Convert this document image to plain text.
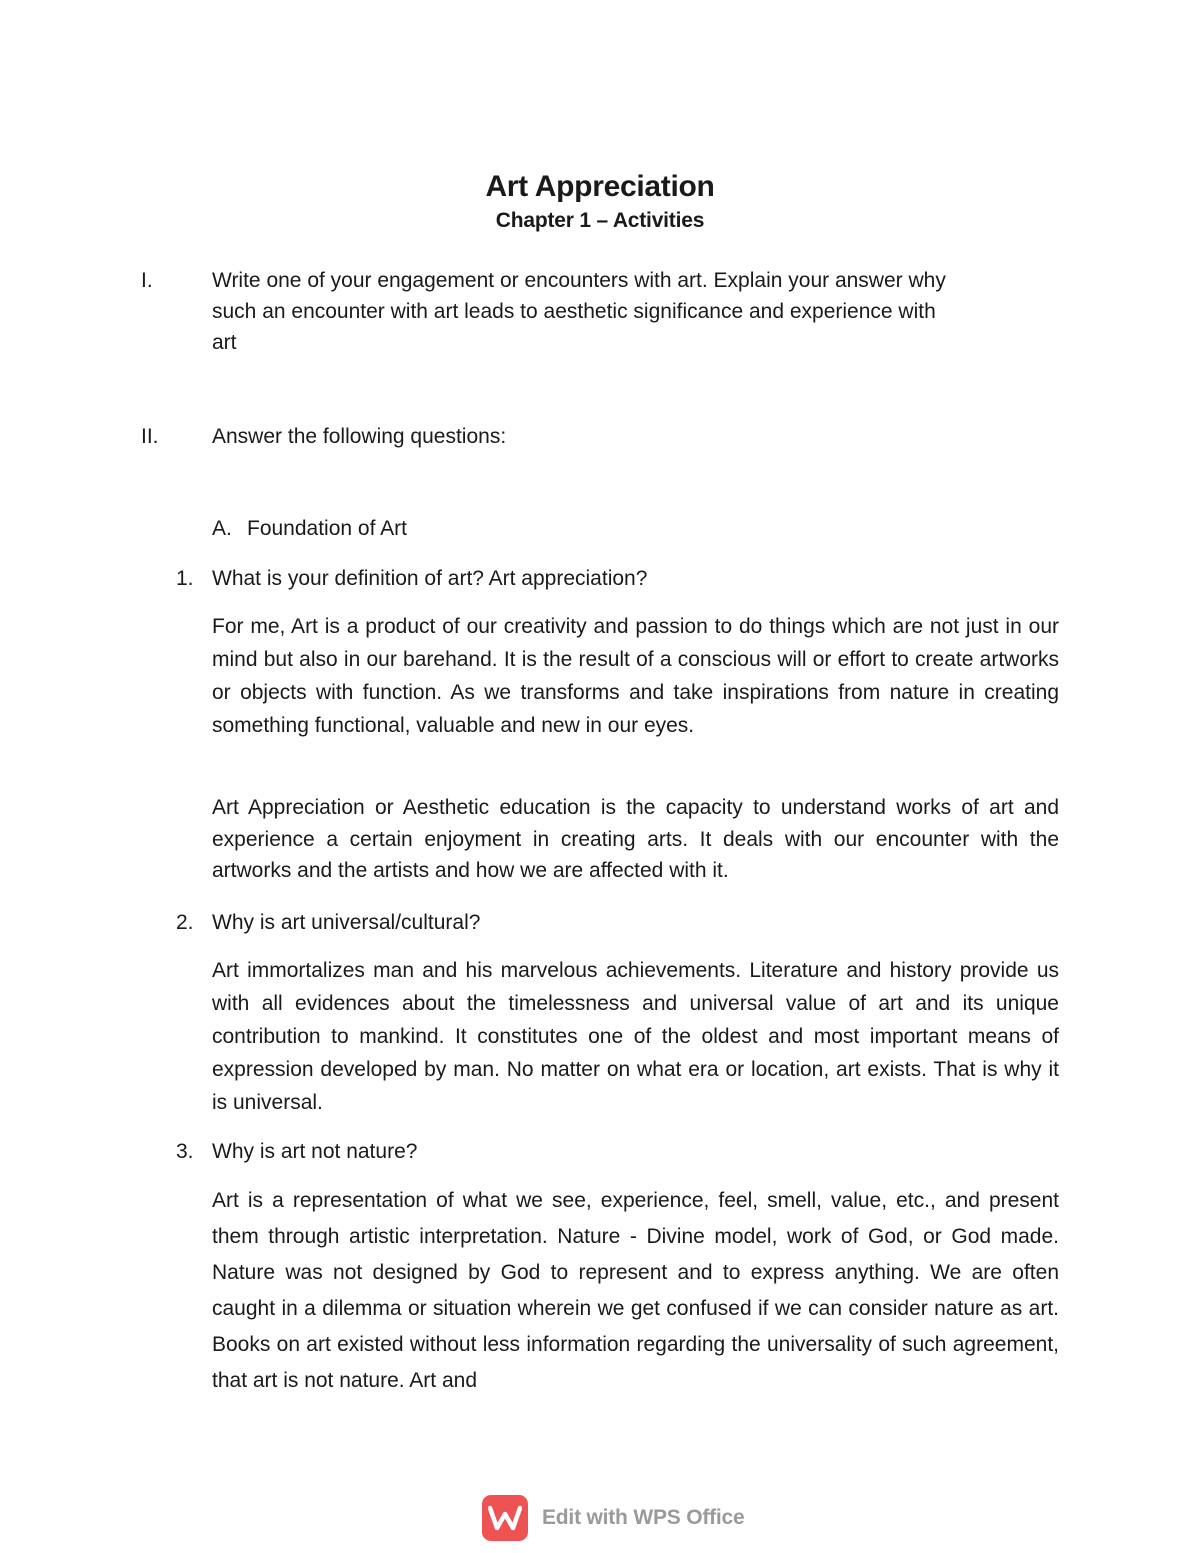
Art Appreciation
Chapter 1 – Activities
I.	Write one of your engagement or encounters with art. Explain your answer why
such an encounter with art leads to aesthetic significance and experience with
art
II.	Answer the following questions:
A. Foundation of Art
1. What is your definition of art? Art appreciation?
For me, Art is a product of our creativity and passion to do things which are not just in our mind but also in our barehand. It is the result of a conscious will or effort to create artworks or objects with function. As we transforms and take inspirations from nature in creating something functional, valuable and new in our eyes.
Art Appreciation or Aesthetic education is the capacity to understand works of art and experience a certain enjoyment in creating arts. It deals with our encounter with the artworks and the artists and how we are affected with it.
2. Why is art universal/cultural?
Art immortalizes man and his marvelous achievements. Literature and history provide us with all evidences about the timelessness and universal value of art and its unique contribution to mankind. It constitutes one of the oldest and most important means of expression developed by man. No matter on what era or location, art exists. That is why it is universal.
3. Why is art not nature?
Art is a representation of what we see, experience, feel, smell, value, etc., and present them through artistic interpretation. Nature - Divine model, work of God, or God made. Nature was not designed by God to represent and to express anything. We are often caught in a dilemma or situation wherein we get confused if we can consider nature as art. Books on art existed without less information regarding the universality of such agreement, that art is not nature. Art and
Edit with WPS Office
